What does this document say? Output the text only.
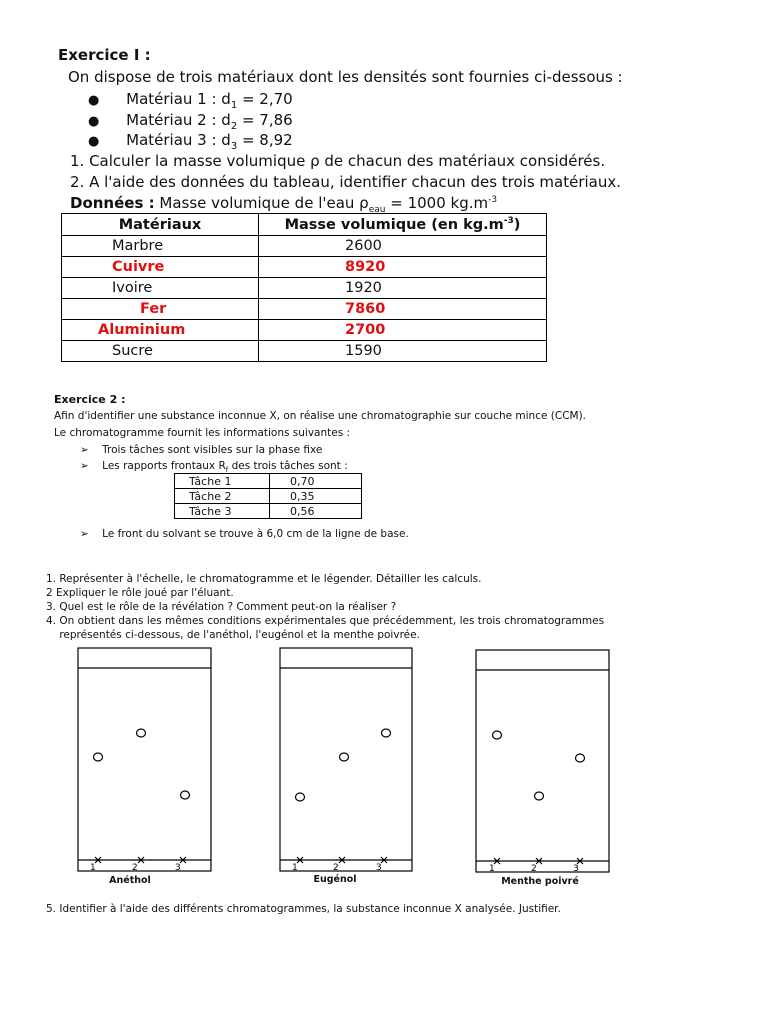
Exercice I :
On dispose de trois matériaux dont les densités sont fournies ci-dessous :
● Matériau 1 : $d_1 = 2,70$
● Matériau 2 : $d_2 = 7,86$
● Matériau 3 : $d_3 = 8,92$
1. Calculer la masse volumique ρ de chacun des matériaux considérés.
2. A l'aide des données du tableau, identifier chacun des trois matériaux.
Données : Masse volumique de l'eau $\rho_{eau} = 1000$ $kg.m^{-3}$
Matériaux	Masse volumique (en $kg.m^{-3}$)
Marbre	2600
Cuivre	8920
Ivoire	1920
Fer	7860
Aluminium	2700
Sucre	1590
Exercice 2 :
Afin d'identifier une substance inconnue X, on réalise une chromatographie sur couche mince (CCM).
Le chromatogramme fournit les informations suivantes :
➢ Trois tâches sont visibles sur la phase fixe
➢ Les rapports frontaux $R_f$ des trois tâches sont :
Tâche 1	0,70
Tâche 2	0,35
Tâche 3	0,56
➢ Le front du solvant se trouve à 6,0 cm de la ligne de base.
1. Représenter à l'échelle, le chromatogramme et le légender. Détailler les calculs.
2 Expliquer le rôle joué par l'éluant.
3. Quel est le rôle de la révélation ? Comment peut-on la réaliser ?
4. On obtient dans les mêmes conditions expérimentales que précédemment, les trois chromatogrammes
représentés ci-dessous, de l'anéthol, l'eugénol et la menthe poivrée.
1	2	3	1	2	3	1	2	3
Anéthol	Eugénol	Menthe poivré
5. Identifier à l'aide des différents chromatogrammes, la substance inconnue X analysée. Justifier.
